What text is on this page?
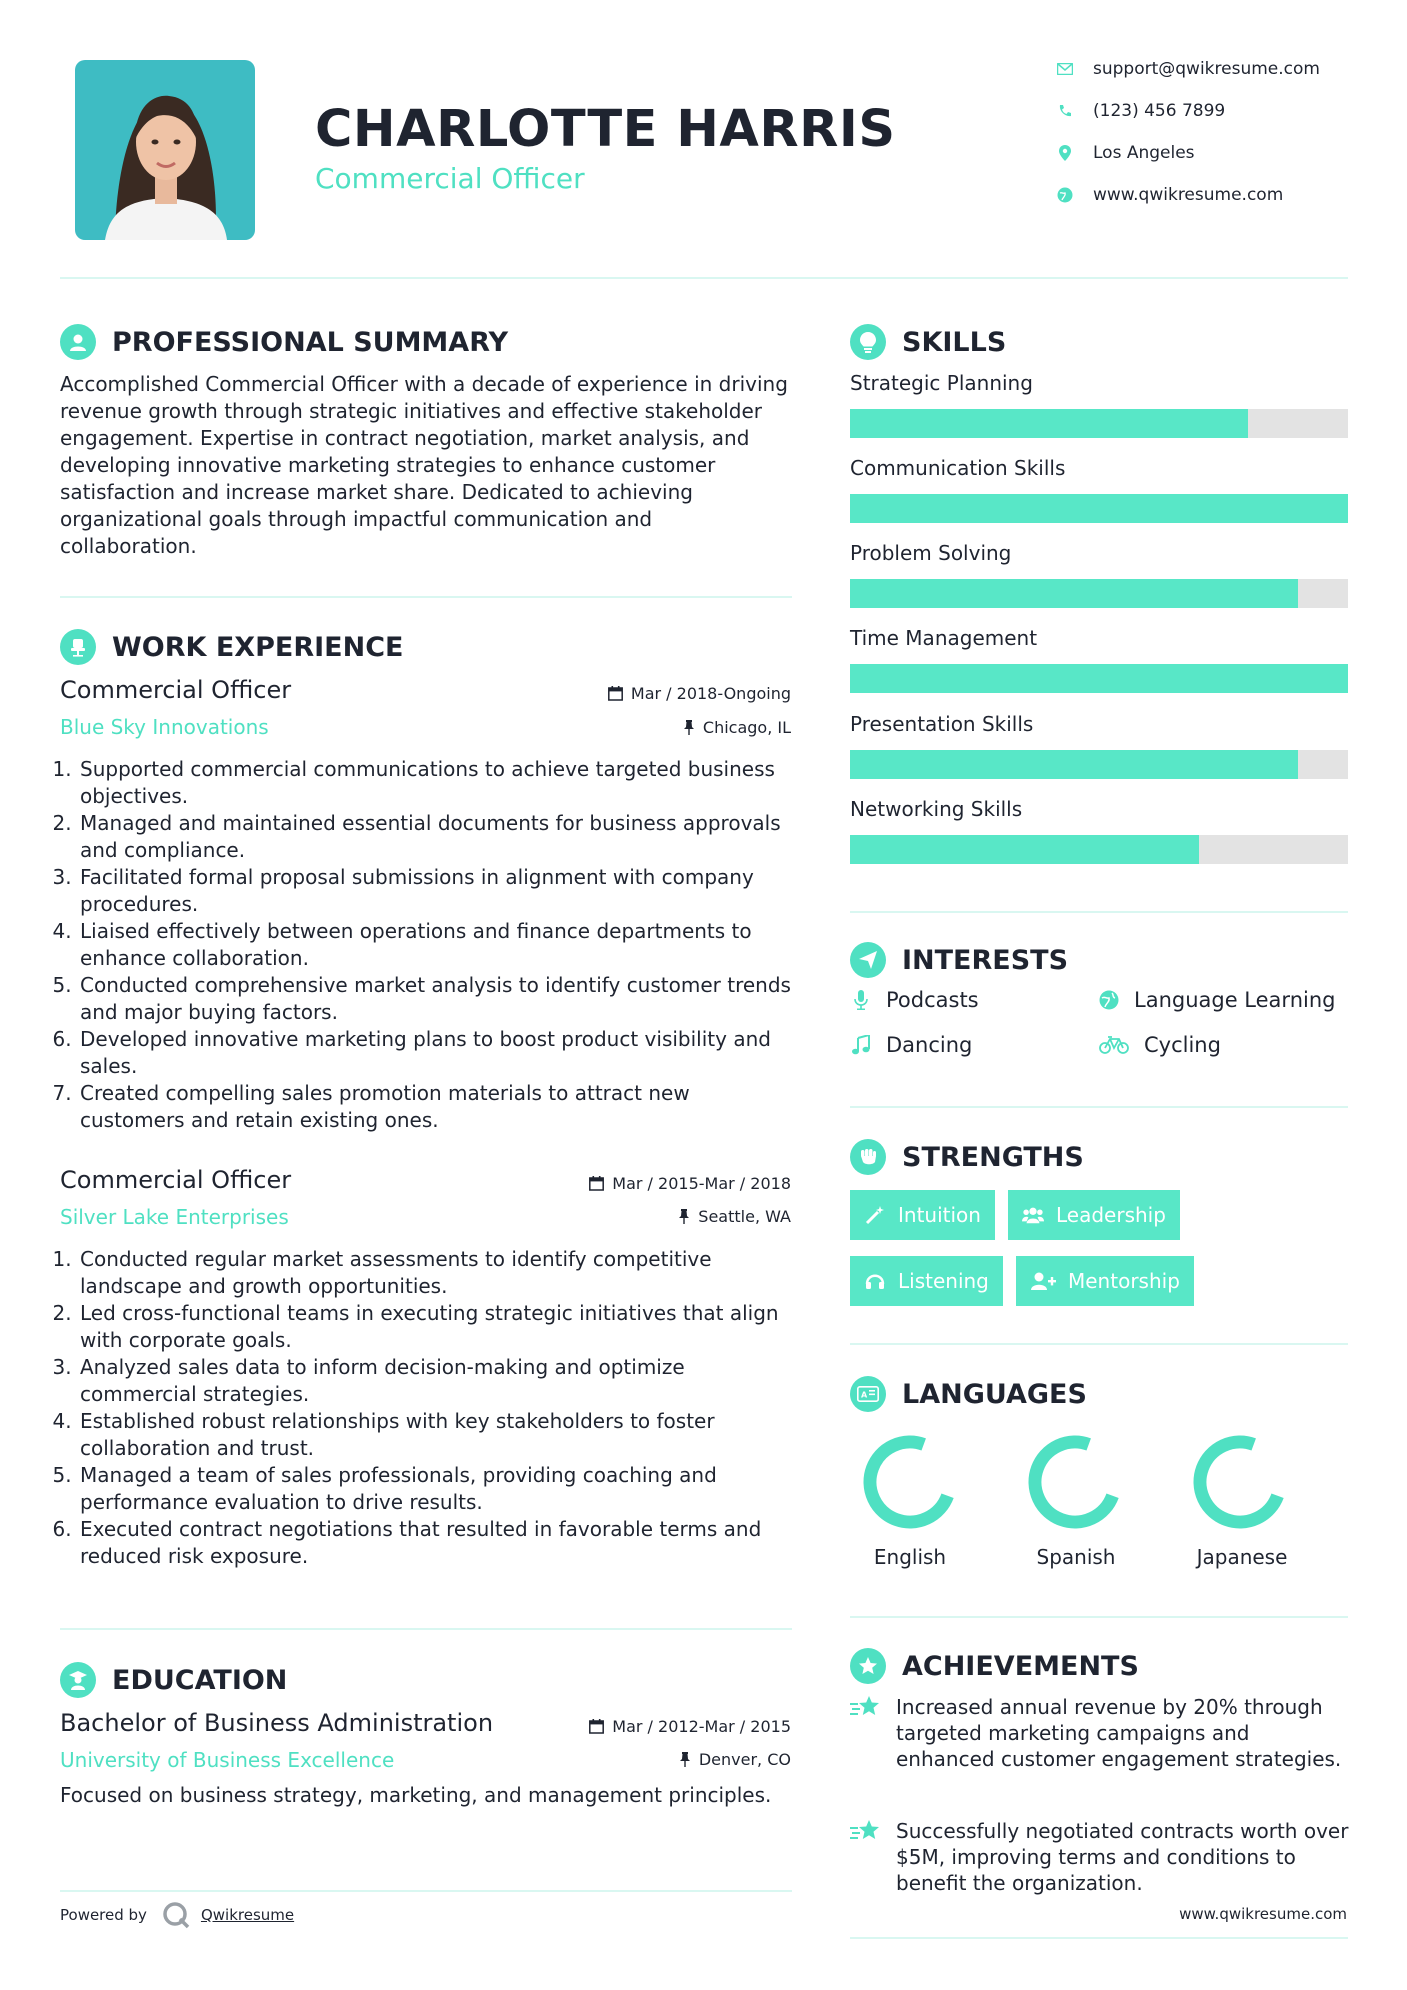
CHARLOTTE HARRIS
Commercial Officer
support@qwikresume.com
(123) 456 7899
Los Angeles
www.qwikresume.com
PROFESSIONAL SUMMARY
Accomplished Commercial Officer with a decade of experience in driving revenue growth through strategic initiatives and effective stakeholder engagement. Expertise in contract negotiation, market analysis, and developing innovative marketing strategies to enhance customer satisfaction and increase market share. Dedicated to achieving organizational goals through impactful communication and collaboration.
WORK EXPERIENCE
Commercial Officer	Mar / 2018-Ongoing
Blue Sky Innovations	Chicago, IL
1. Supported commercial communications to achieve targeted business objectives.
2. Managed and maintained essential documents for business approvals and compliance.
3. Facilitated formal proposal submissions in alignment with company procedures.
4. Liaised effectively between operations and finance departments to enhance collaboration.
5. Conducted comprehensive market analysis to identify customer trends and major buying factors.
6. Developed innovative marketing plans to boost product visibility and sales.
7. Created compelling sales promotion materials to attract new customers and retain existing ones.
Commercial Officer	Mar / 2015-Mar / 2018
Silver Lake Enterprises	Seattle, WA
1. Conducted regular market assessments to identify competitive landscape and growth opportunities.
2. Led cross-functional teams in executing strategic initiatives that align with corporate goals.
3. Analyzed sales data to inform decision-making and optimize commercial strategies.
4. Established robust relationships with key stakeholders to foster collaboration and trust.
5. Managed a team of sales professionals, providing coaching and performance evaluation to drive results.
6. Executed contract negotiations that resulted in favorable terms and reduced risk exposure.
EDUCATION
Bachelor of Business Administration	Mar / 2012-Mar / 2015
University of Business Excellence	Denver, CO
Focused on business strategy, marketing, and management principles.
SKILLS
Strategic Planning
Communication Skills
Problem Solving
Time Management
Presentation Skills
Networking Skills
INTERESTS
Podcasts	Language Learning
Dancing	Cycling
STRENGTHS
Intuition	Leadership
Listening	Mentorship
A LANGUAGES
English	Spanish	Japanese
ACHIEVEMENTS
Increased annual revenue by 20% through targeted marketing campaigns and enhanced customer engagement strategies.
Successfully negotiated contracts worth over $5M, improving terms and conditions to benefit the organization.
Powered by	Qwikresume	www.qwikresume.com
